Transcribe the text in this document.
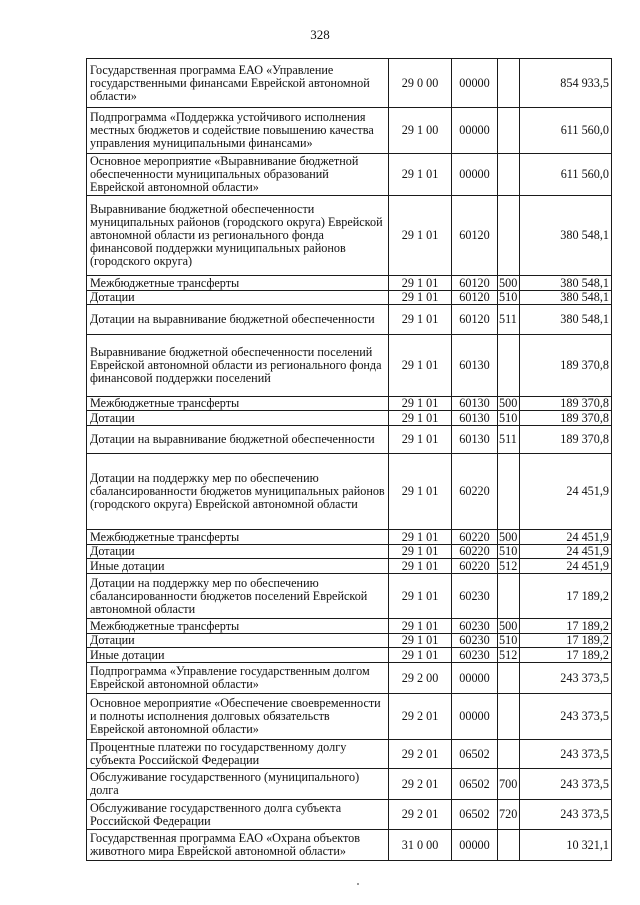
328
Государственная программа ЕАО «Управление государственными финансами Еврейской автономной области»	29 0 00	00000		854 933,5
Подпрограмма «Поддержка устойчивого исполнения местных бюджетов и содействие повышению качества управления муниципальными финансами»	29 1 00	00000		611 560,0
Основное мероприятие «Выравнивание бюджетной обеспеченности муниципальных образований Еврейской автономной области»	29 1 01	00000		611 560,0
Выравнивание бюджетной обеспеченности муниципальных районов (городского округа) Еврейской автономной области из регионального фонда финансовой поддержки муниципальных районов (городского округа)	29 1 01	60120		380 548,1
Межбюджетные трансферты	29 1 01	60120	500	380 548,1
Дотации	29 1 01	60120	510	380 548,1
Дотации на выравнивание бюджетной обеспеченности	29 1 01	60120	511	380 548,1
Выравнивание бюджетной обеспеченности поселений Еврейской автономной области из регионального фонда финансовой поддержки поселений	29 1 01	60130		189 370,8
Межбюджетные трансферты	29 1 01	60130	500	189 370,8
Дотации	29 1 01	60130	510	189 370,8
Дотации на выравнивание бюджетной обеспеченности	29 1 01	60130	511	189 370,8
Дотации на поддержку мер по обеспечению сбалансированности бюджетов муниципальных районов (городского округа) Еврейской автономной области	29 1 01	60220		24 451,9
Межбюджетные трансферты	29 1 01	60220	500	24 451,9
Дотации	29 1 01	60220	510	24 451,9
Иные дотации	29 1 01	60220	512	24 451,9
Дотации на поддержку мер по обеспечению сбалансированности бюджетов поселений Еврейской автономной области	29 1 01	60230		17 189,2
Межбюджетные трансферты	29 1 01	60230	500	17 189,2
Дотации	29 1 01	60230	510	17 189,2
Иные дотации	29 1 01	60230	512	17 189,2
Подпрограмма «Управление государственным долгом Еврейской автономной области»	29 2 00	00000		243 373,5
Основное мероприятие «Обеспечение своевременности и полноты исполнения долговых обязательств Еврейской автономной области»	29 2 01	00000		243 373,5
Процентные платежи по государственному долгу субъекта Российской Федерации	29 2 01	06502		243 373,5
Обслуживание государственного (муниципального) долга	29 2 01	06502	700	243 373,5
Обслуживание государственного долга субъекта Российской Федерации	29 2 01	06502	720	243 373,5
Государственная программа ЕАО «Охрана объектов животного мира Еврейской автономной области»	31 0 00	00000		10 321,1
